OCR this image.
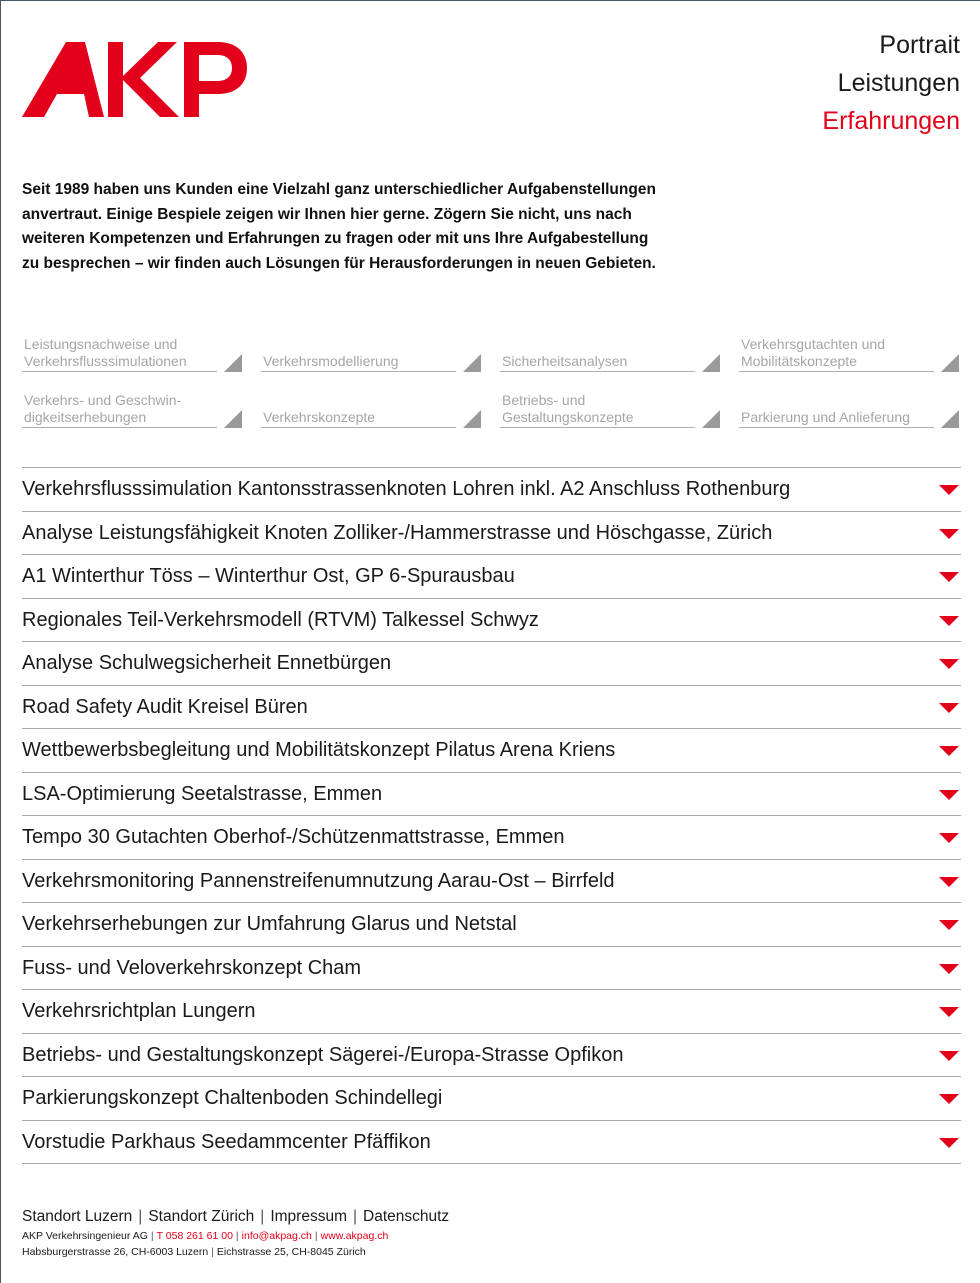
Portrait
Leistungen
Erfahrungen

Seit 1989 haben uns Kunden eine Vielzahl ganz unterschiedlicher Aufgabenstellungen anvertraut. Einige Bespiele zeigen wir Ihnen hier gerne. Zögern Sie nicht, uns nach weiteren Kompetenzen und Erfahrungen zu fragen oder mit uns Ihre Aufgabestellung zu besprechen – wir finden auch Lösungen für Herausforderungen in neuen Gebieten.

Leistungsnachweise und Verkehrsflusssimulationen	Verkehrsmodellierung	Sicherheitsanalysen
Verkehrsgutachten und Mobilitätskonzepte
Verkehrs- und Geschwindigkeitserhebungen	Verkehrskonzepte
Betriebs- und Gestaltungskonzepte	Parkierung und Anlieferung
Verkehrsflusssimulation Kantonsstrassenknoten Lohren inkl. A2 Anschluss Rothenburg
Analyse Leistungsfähigkeit Knoten Zolliker-/Hammerstrasse und Höschgasse, Zürich
A1 Winterthur Töss – Winterthur Ost, GP 6-Spurausbau
Regionales Teil-Verkehrsmodell (RTVM) Talkessel Schwyz
Analyse Schulwegsicherheit Ennetbürgen
Road Safety Audit Kreisel Büren
Wettbewerbsbegleitung und Mobilitätskonzept Pilatus Arena Kriens
LSA-Optimierung Seetalstrasse, Emmen
Tempo 30 Gutachten Oberhof-/Schützenmattstrasse, Emmen
Verkehrsmonitoring Pannenstreifenumnutzung Aarau-Ost – Birrfeld
Verkehrserhebungen zur Umfahrung Glarus und Netstal
Fuss- und Veloverkehrskonzept Cham
Verkehrsrichtplan Lungern
Betriebs- und Gestaltungskonzept Sägerei-/Europa-Strasse Opfikon
Parkierungskonzept Chaltenboden Schindellegi
Vorstudie Parkhaus Seedammcenter Pfäffikon
Standort Luzern | Standort Zürich | Impressum | Datenschutz
AKP Verkehrsingenieur AG | T 058 261 61 00 | info@akpag.ch | www.akpag.ch
Habsburgerstrasse 26, CH-6003 Luzern | Eichstrasse 25, CH-8045 Zürich
